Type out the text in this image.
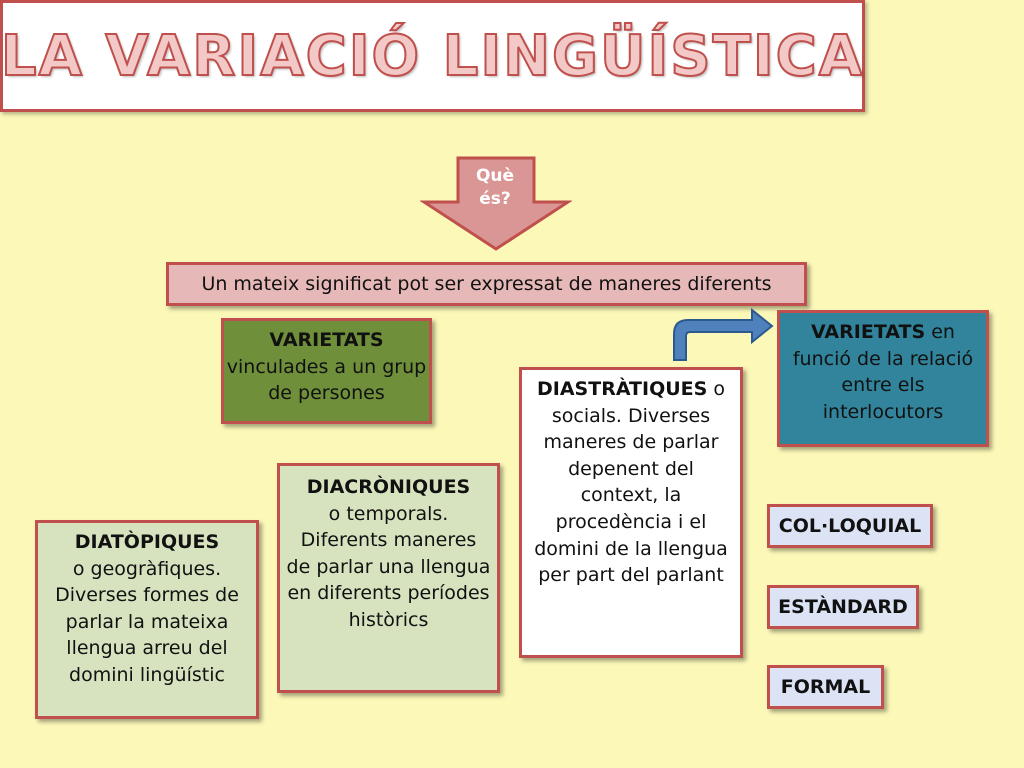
LA VARIACIÓ LINGÜÍSTICA
Què
és?
Un mateix significat pot ser expressat de maneres diferents
VARIETATS
vinculades a un grup de persones
VARIETATS en funció de la relació entre els interlocutors
DIASTRÀTIQUES o socials. Diverses maneres de parlar depenent del context, la procedència i el domini de la llengua per part del parlant
DIACRÒNIQUES
o temporals. Diferents maneres de parlar una llengua en diferents períodes històrics
DIATÒPIQUES
o geogràfiques. Diverses formes de parlar la mateixa llengua arreu del domini lingüístic
COL·LOQUIAL
ESTÀNDARD
FORMAL
